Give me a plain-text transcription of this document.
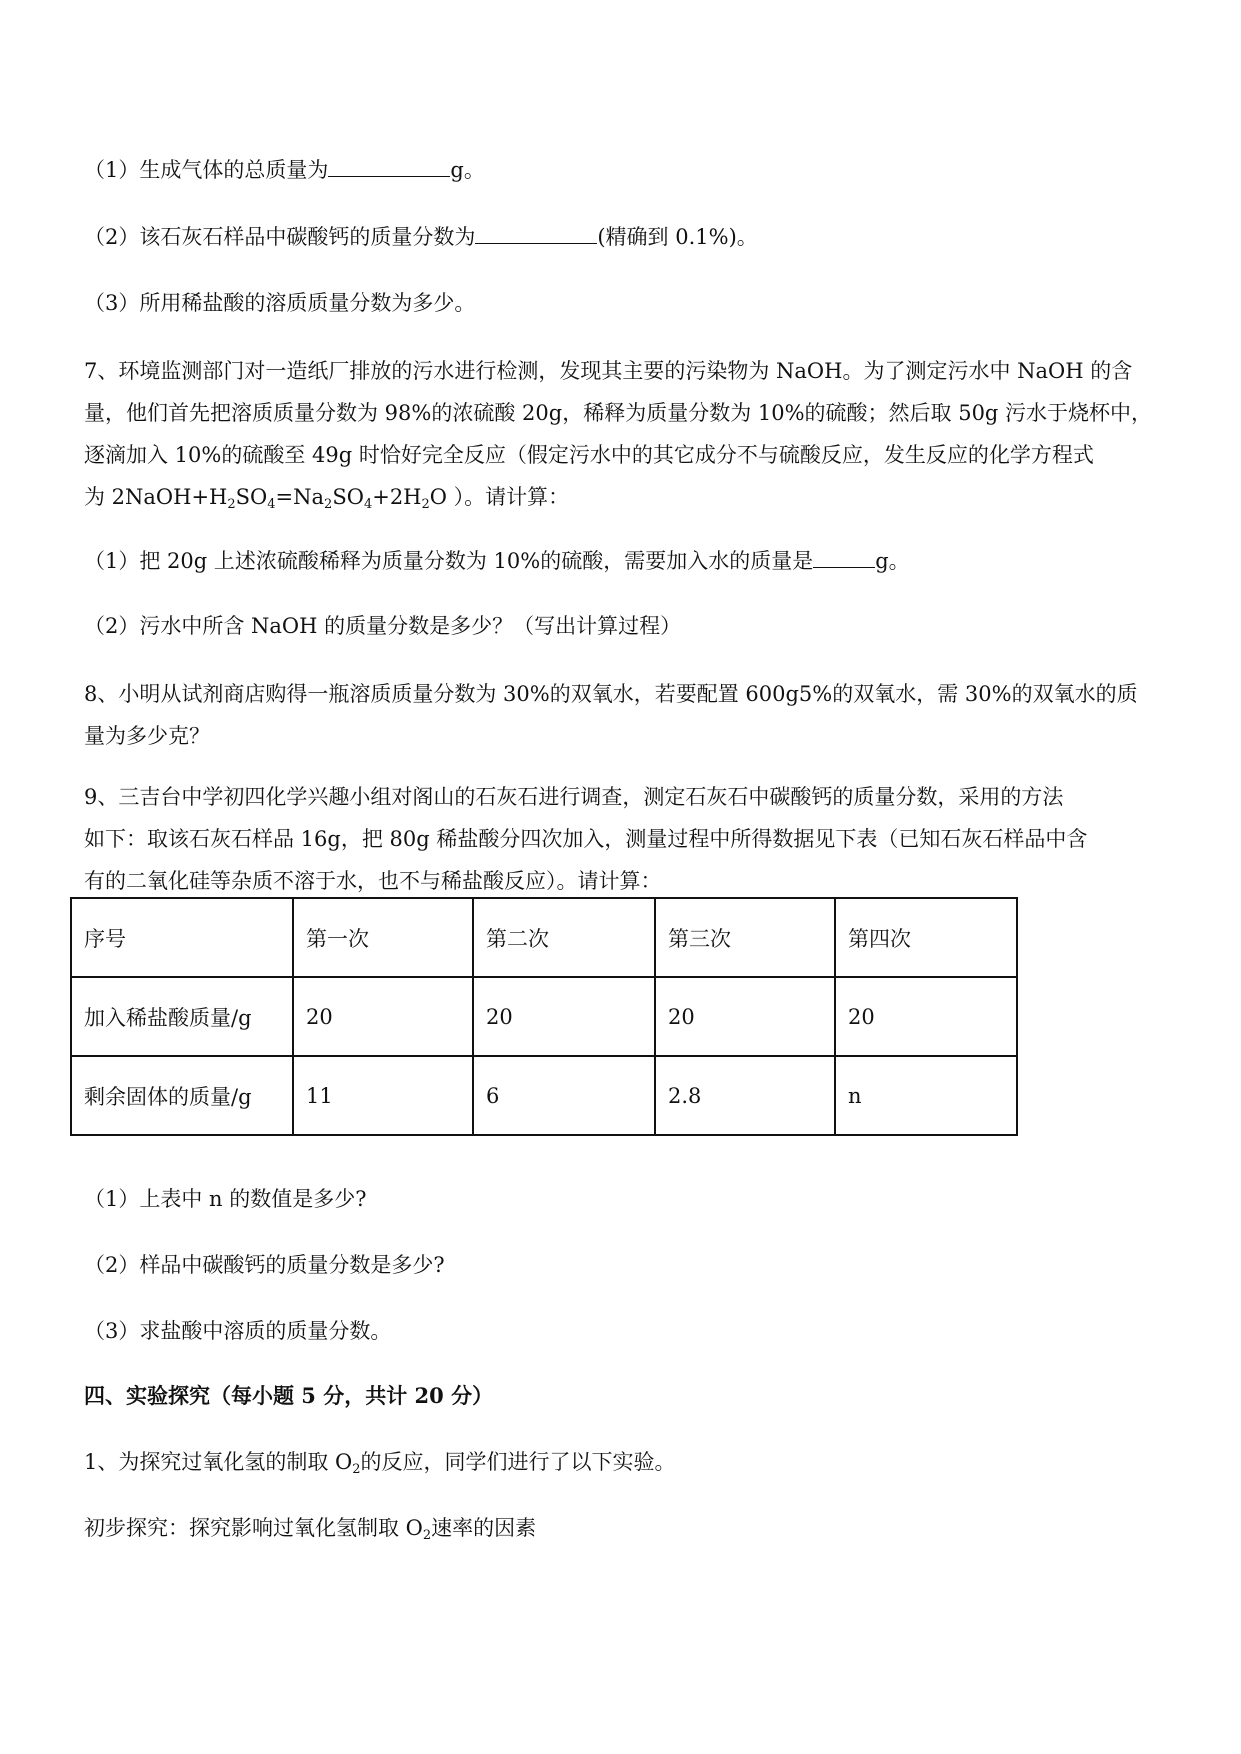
（1）生成气体的总质量为	g。
（2）该石灰石样品中碳酸钙的质量分数为	(精确到 0.1%)。
（3）所用稀盐酸的溶质质量分数为多少。
7、环境监测部门对一造纸厂排放的污水进行检测，发现其主要的污染物为 NaOH。为了测定污水中 NaOH 的含
量，他们首先把溶质质量分数为 98%的浓硫酸 20g，稀释为质量分数为 10%的硫酸；然后取 50g 污水于烧杯中，
逐滴加入 10%的硫酸至 49g 时恰好完全反应（假定污水中的其它成分不与硫酸反应，发生反应的化学方程式
为 $2NaOH+H_2SO_4=Na_2SO_4+2H_2O$ ）。请计算：
（1）把 20g 上述浓硫酸稀释为质量分数为 10%的硫酸，需要加入水的质量是	g。
（2）污水中所含 NaOH 的质量分数是多少？（写出计算过程）
8、小明从试剂商店购得一瓶溶质质量分数为 30%的双氧水，若要配置 600g5%的双氧水，需 30%的双氧水的质
量为多少克？
9、三吉台中学初四化学兴趣小组对阁山的石灰石进行调查，测定石灰石中碳酸钙的质量分数，采用的方法
如下：取该石灰石样品 16g，把 80g 稀盐酸分四次加入，测量过程中所得数据见下表（已知石灰石样品中含
有的二氧化硅等杂质不溶于水，也不与稀盐酸反应）。请计算：
序号	第一次	第二次	第三次	第四次
加入稀盐酸质量/g	20	20	20	20
剩余固体的质量/g	11	6	2.8	n
（1）上表中 n 的数值是多少?
（2）样品中碳酸钙的质量分数是多少?
（3）求盐酸中溶质的质量分数。
四、实验探究（每小题 5 分，共计 20 分）
1、为探究过氧化氢的制取 $O_2$的反应，同学们进行了以下实验。
初步探究：探究影响过氧化氢制取 $O_2$速率的因素
